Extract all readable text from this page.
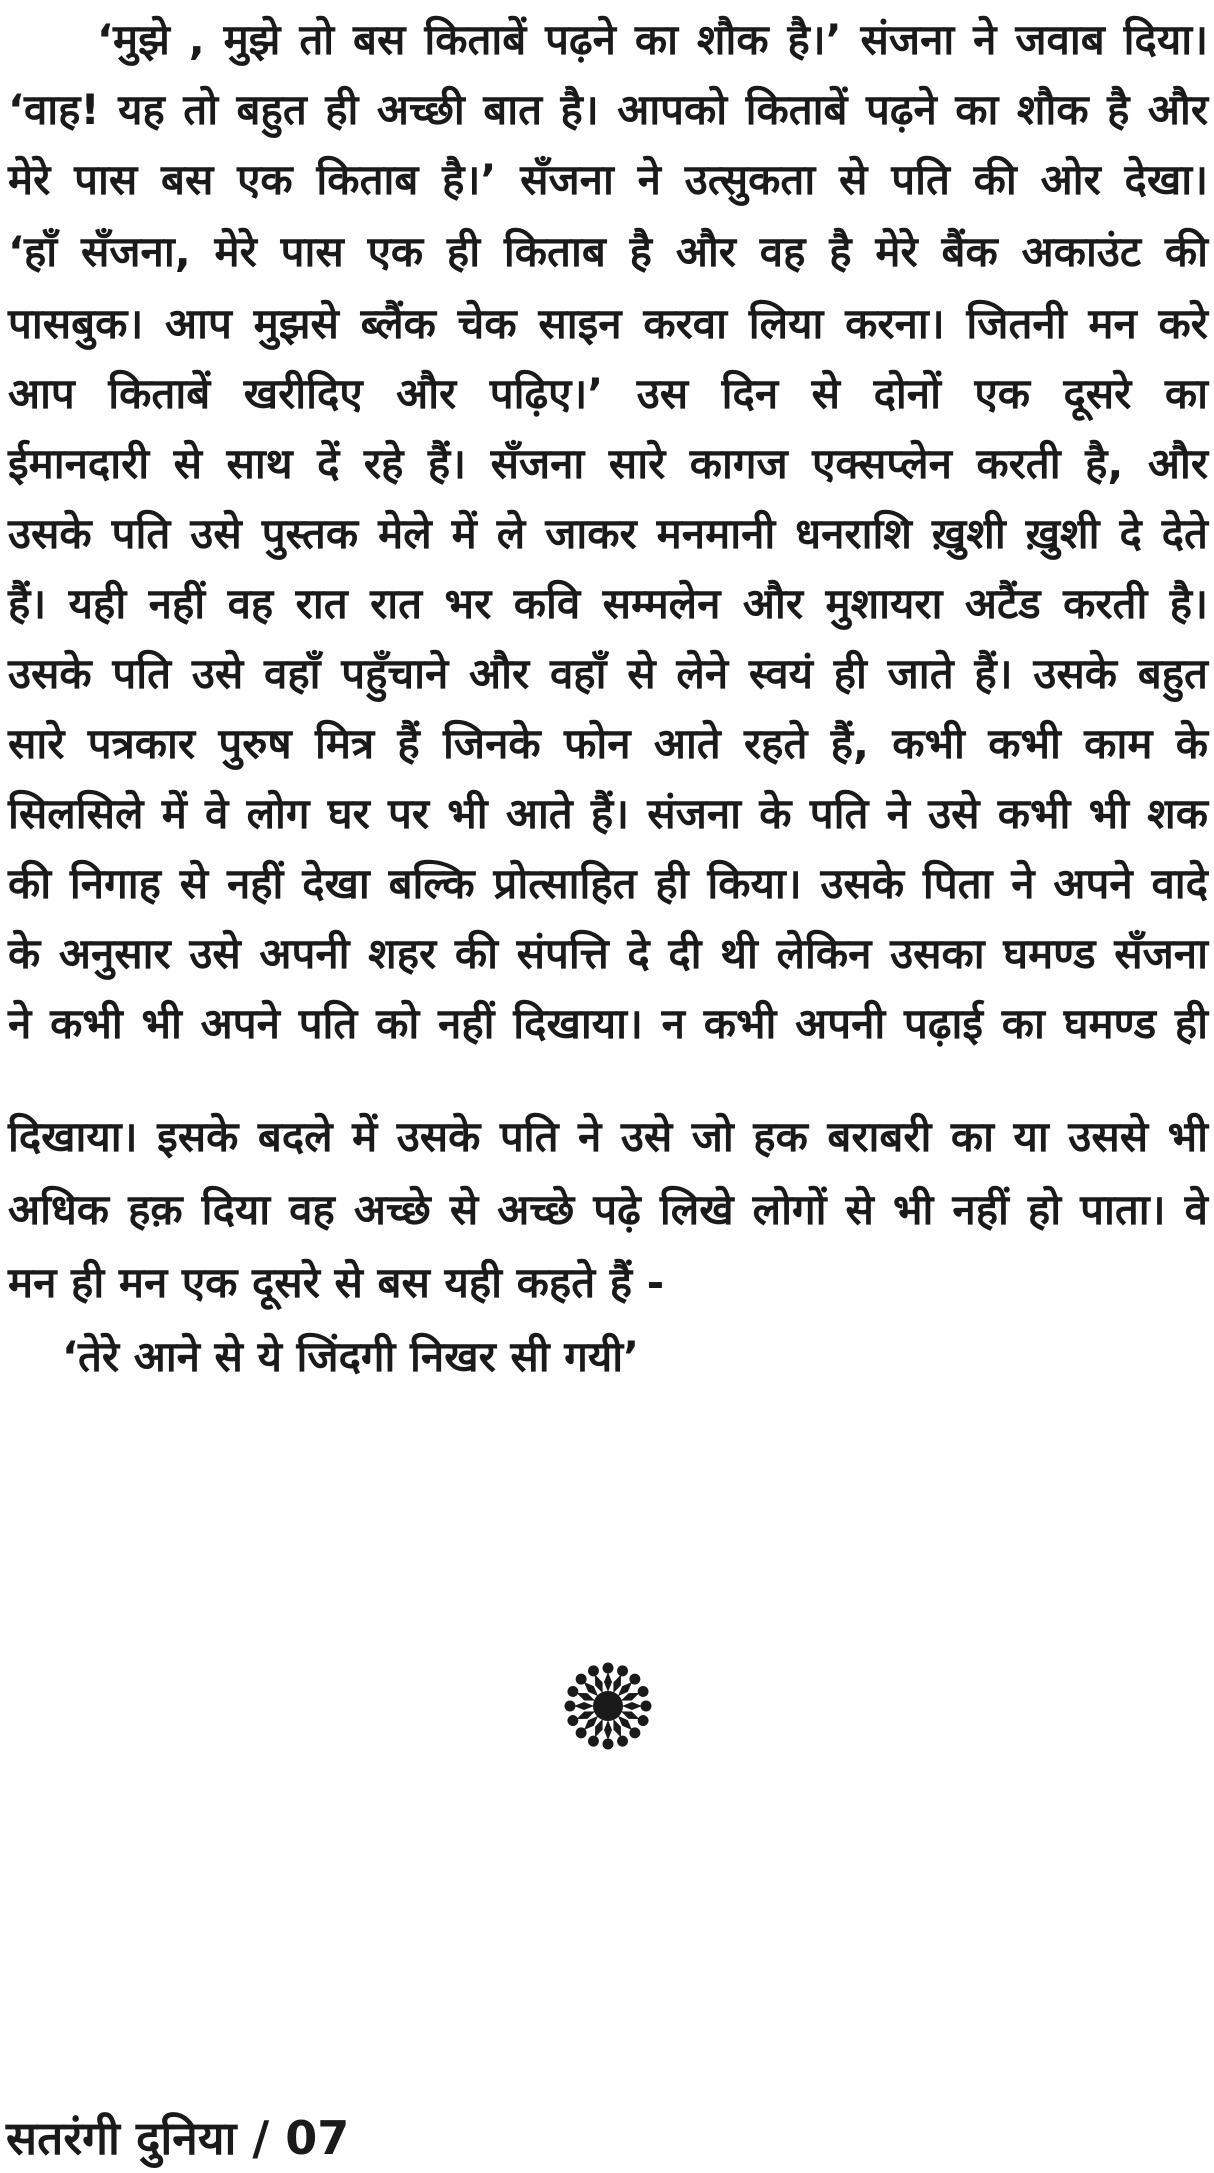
‘मुझे , मुझे तो बस किताबें पढ़ने का शौक है।’ संजना ने जवाब दिया।
‘वाह! यह तो बहुत ही अच्छी बात है। आपको किताबें पढ़ने का शौक है और
मेरे पास बस एक किताब है।’ सँजना ने उत्सुकता से पति की ओर देखा।
‘हाँ सँजना, मेरे पास एक ही किताब है और वह है मेरे बैंक अकाउंट की
पासबुक। आप मुझसे ब्लैंक चेक साइन करवा लिया करना। जितनी मन करे
आप किताबें खरीदिए और पढ़िए।’ उस दिन से दोनों एक दूसरे का
ईमानदारी से साथ दें रहे हैं। सँजना सारे कागज एक्सप्लेन करती है, और
उसके पति उसे पुस्तक मेले में ले जाकर मनमानी धनराशि ख़ुशी ख़ुशी दे देते
हैं। यही नहीं वह रात रात भर कवि सम्मलेन और मुशायरा अटैंड करती है।
उसके पति उसे वहाँ पहुँचाने और वहाँ से लेने स्वयं ही जाते हैं। उसके बहुत
सारे पत्रकार पुरुष मित्र हैं जिनके फोन आते रहते हैं, कभी कभी काम के
सिलसिले में वे लोग घर पर भी आते हैं। संजना के पति ने उसे कभी भी शक
की निगाह से नहीं देखा बल्कि प्रोत्साहित ही किया। उसके पिता ने अपने वादे
के अनुसार उसे अपनी शहर की संपत्ति दे दी थी लेकिन उसका घमण्ड सँजना
ने कभी भी अपने पति को नहीं दिखाया। न कभी अपनी पढ़ाई का घमण्ड ही
दिखाया। इसके बदले में उसके पति ने उसे जो हक बराबरी का या उससे भी
अधिक हक़ दिया वह अच्छे से अच्छे पढ़े लिखे लोगों से भी नहीं हो पाता। वे
मन ही मन एक दूसरे से बस यही कहते हैं -
‘तेरे आने से ये जिंदगी निखर सी गयी’
सतरंगी दुनिया / 07
